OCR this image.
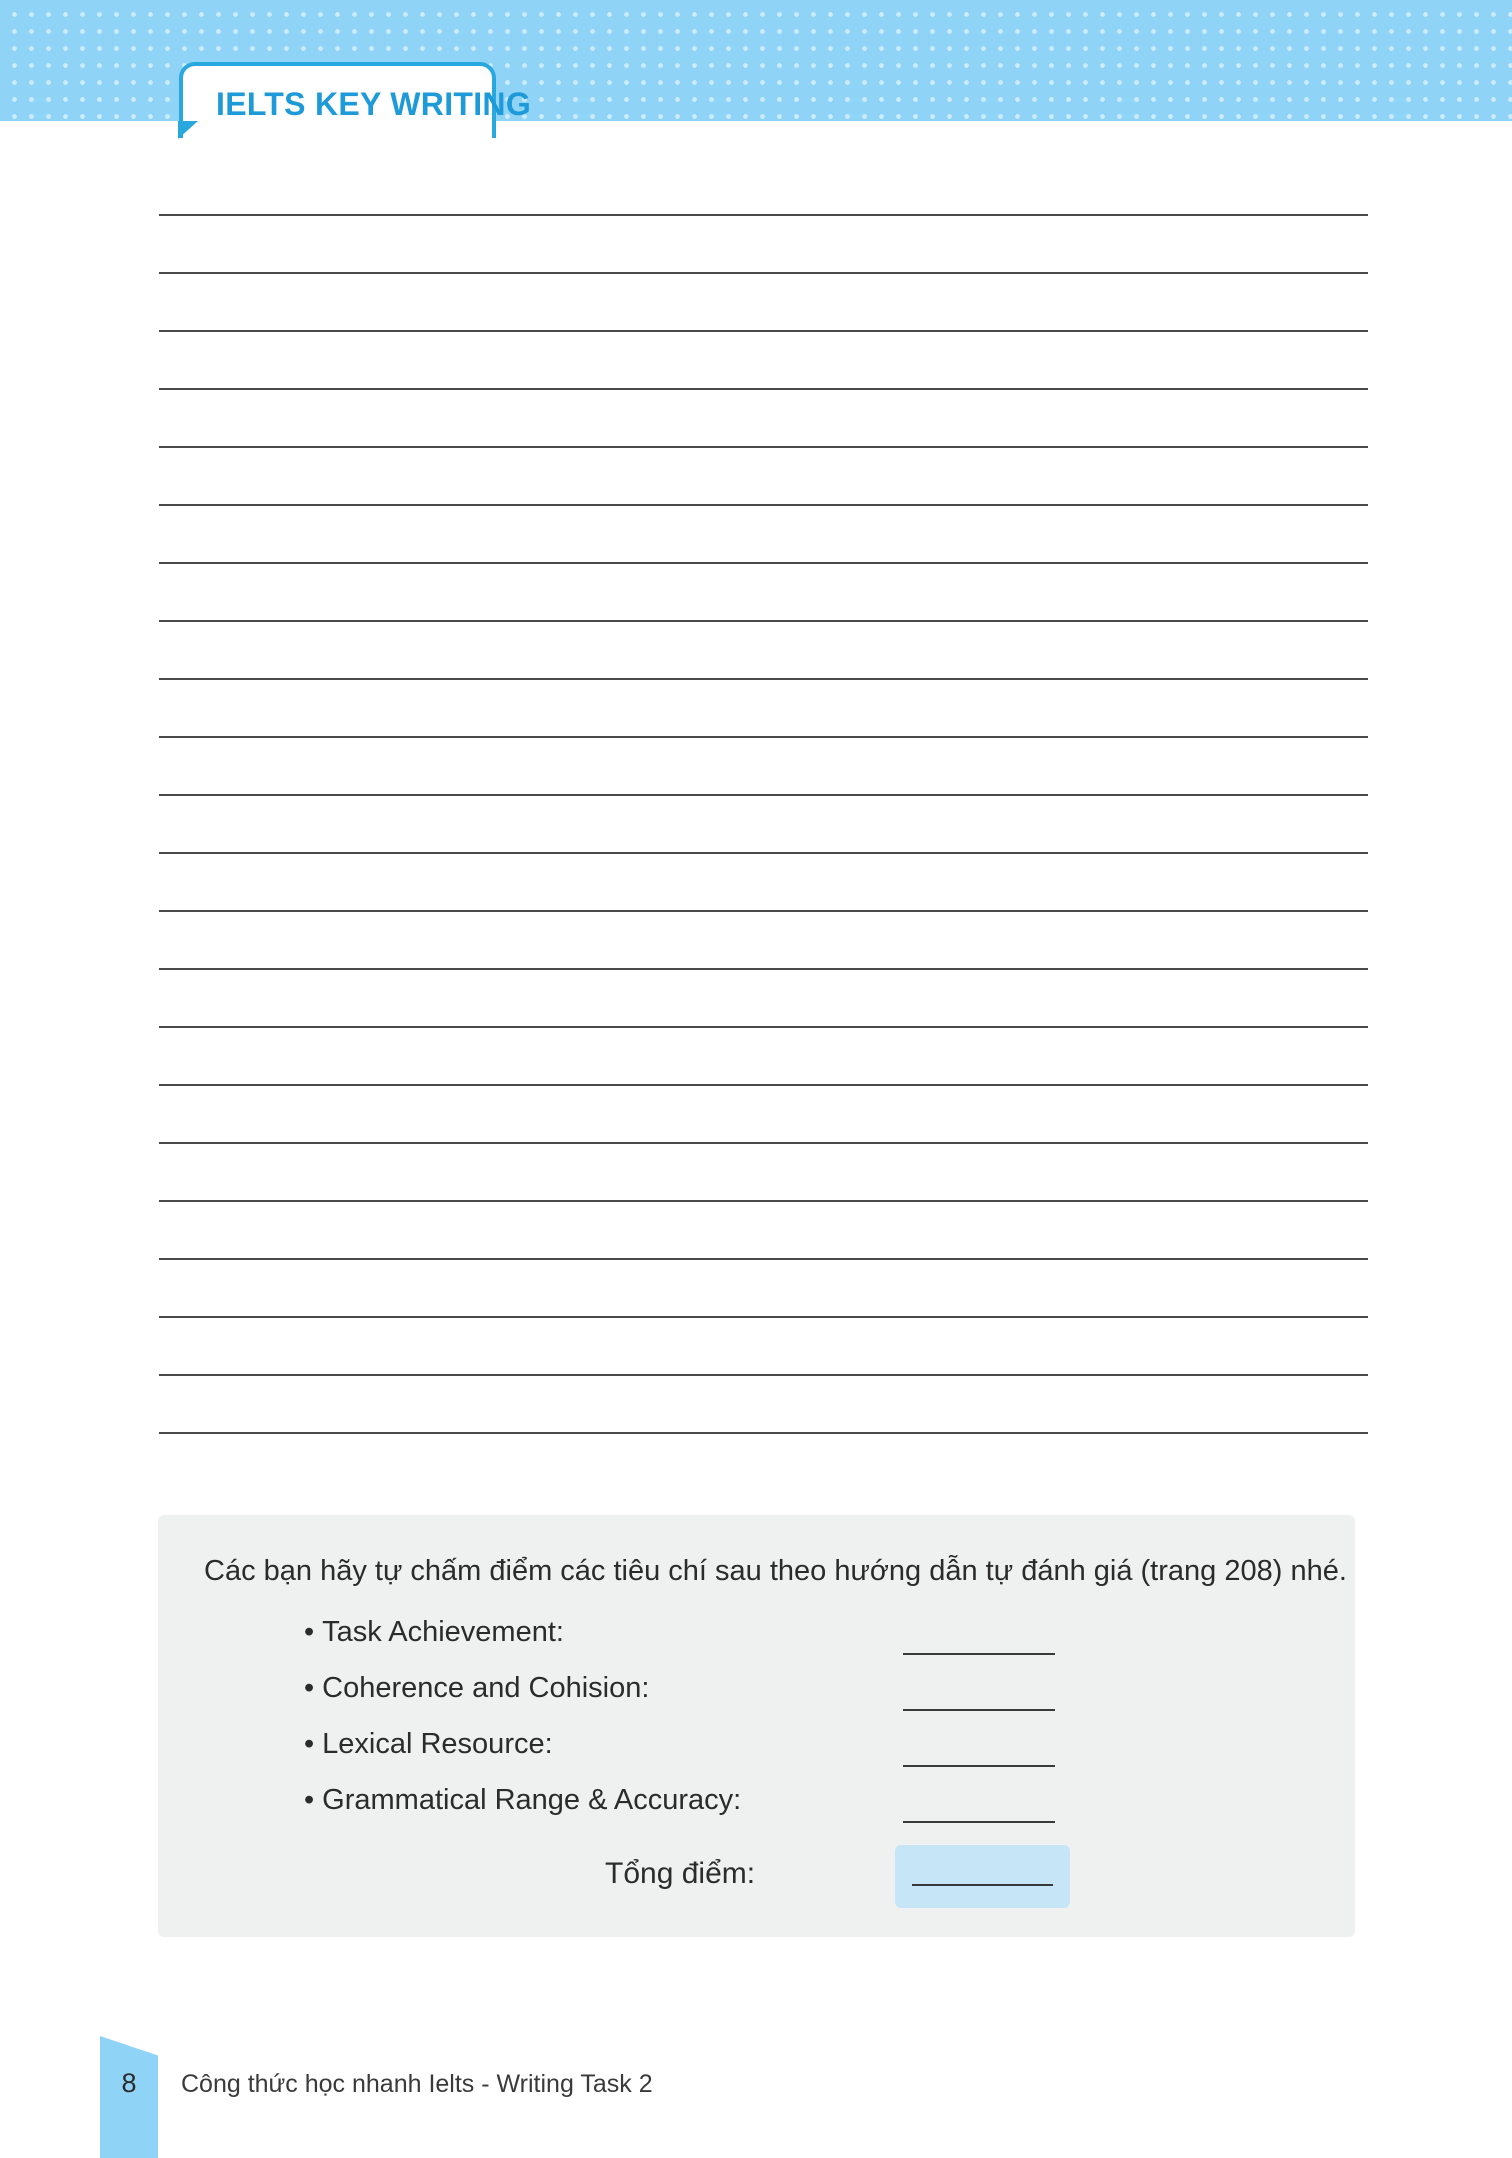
IELTS KEY WRITING
Các bạn hãy tự chấm điểm các tiêu chí sau theo hướng dẫn tự đánh giá (trang 208) nhé.
• Task Achievement:
• Coherence and Cohision:
• Lexical Resource:
• Grammatical Range & Accuracy:
Tổng điểm:
8	Công thức học nhanh Ielts - Writing Task 2
